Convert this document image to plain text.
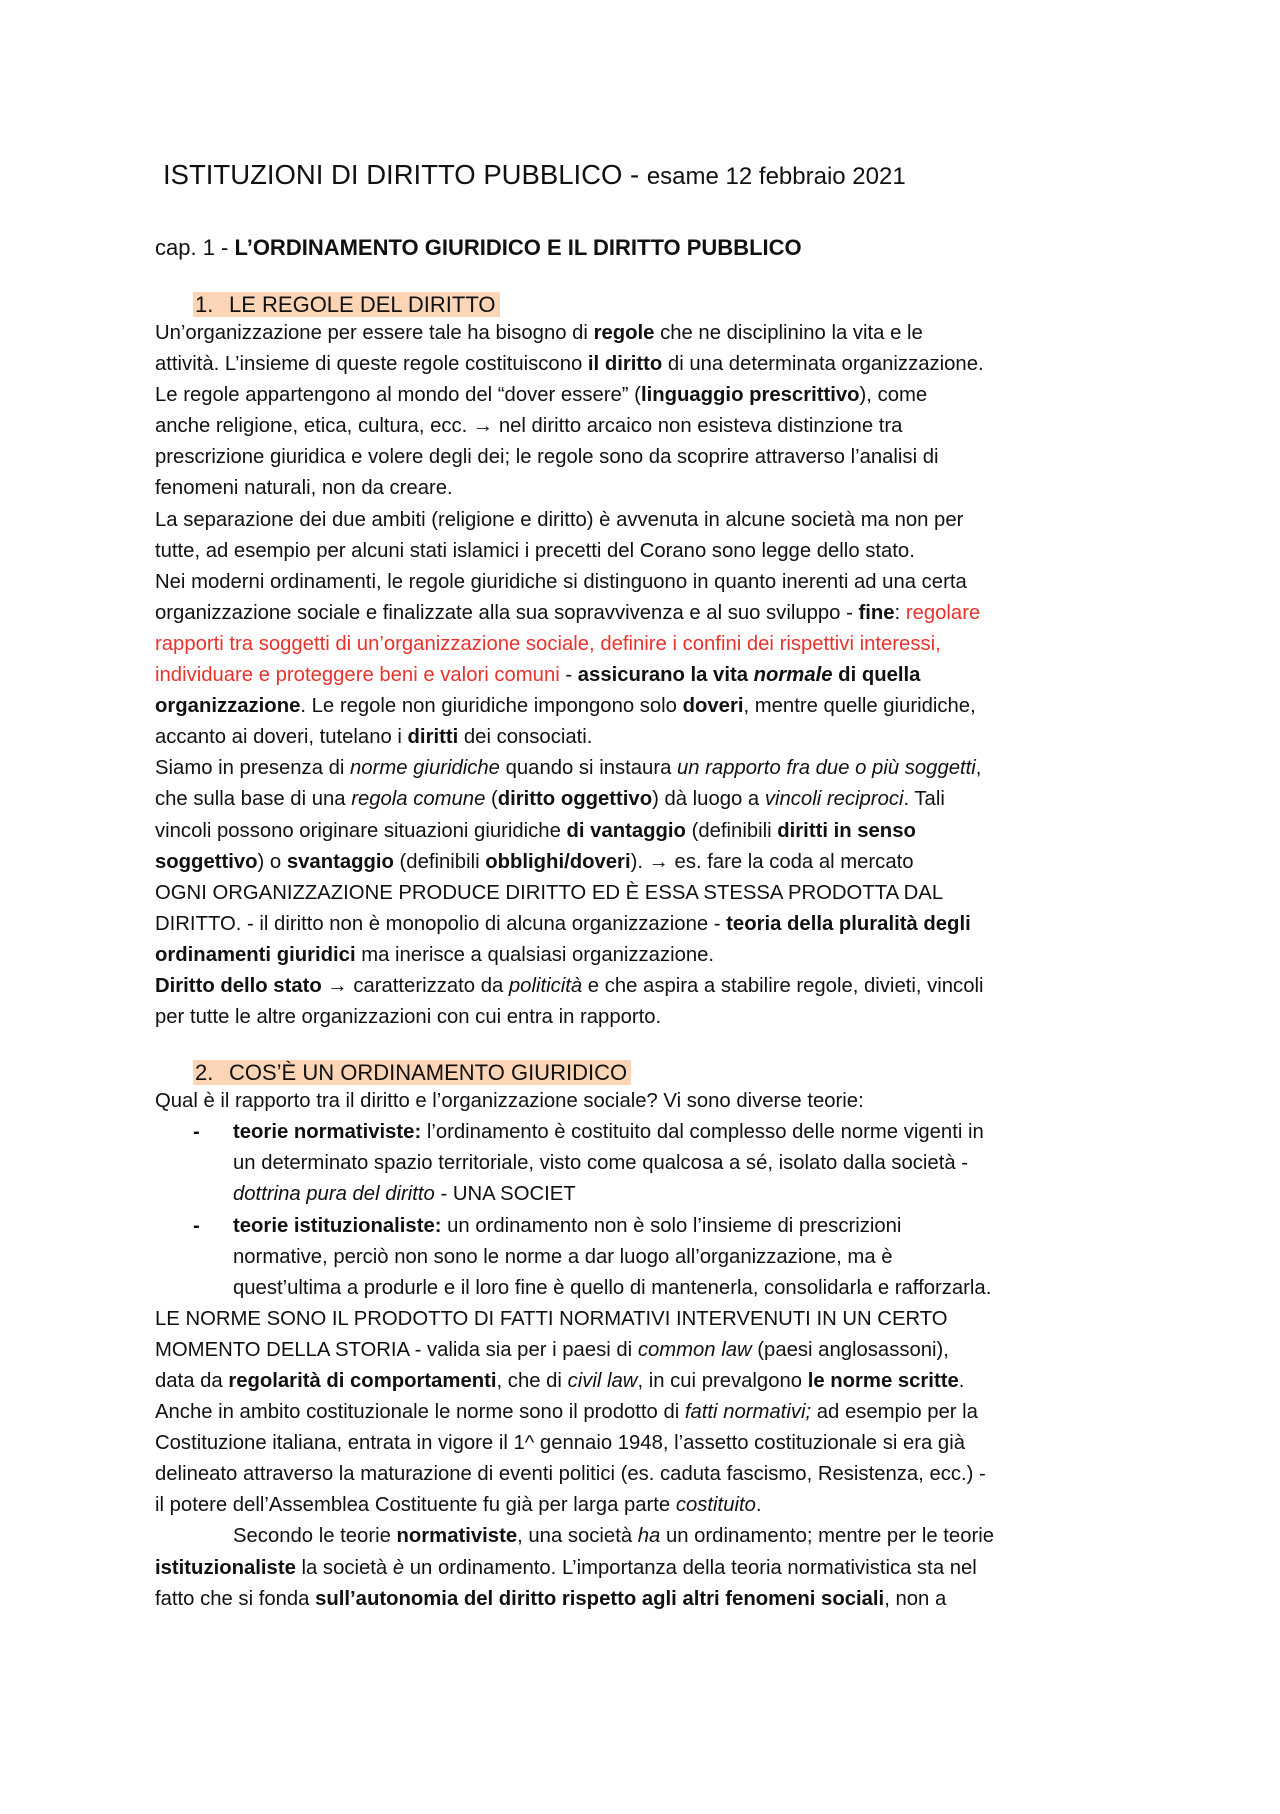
ISTITUZIONI DI DIRITTO PUBBLICO - esame 12 febbraio 2021
cap. 1 - L’ORDINAMENTO GIURIDICO E IL DIRITTO PUBBLICO
1. LE REGOLE DEL DIRITTO
Un’organizzazione per essere tale ha bisogno di regole che ne disciplinino la vita e le
attività. L’insieme di queste regole costituiscono il diritto di una determinata organizzazione.
Le regole appartengono al mondo del “dover essere” (linguaggio prescrittivo), come
anche religione, etica, cultura, ecc. → nel diritto arcaico non esisteva distinzione tra
prescrizione giuridica e volere degli dei; le regole sono da scoprire attraverso l’analisi di
fenomeni naturali, non da creare.
La separazione dei due ambiti (religione e diritto) è avvenuta in alcune società ma non per
tutte, ad esempio per alcuni stati islamici i precetti del Corano sono legge dello stato.
Nei moderni ordinamenti, le regole giuridiche si distinguono in quanto inerenti ad una certa
organizzazione sociale e finalizzate alla sua sopravvivenza e al suo sviluppo - fine: regolare
rapporti tra soggetti di un’organizzazione sociale, definire i confini dei rispettivi interessi,
individuare e proteggere beni e valori comuni - assicurano la vita normale di quella
organizzazione. Le regole non giuridiche impongono solo doveri, mentre quelle giuridiche,
accanto ai doveri, tutelano i diritti dei consociati.
Siamo in presenza di norme giuridiche quando si instaura un rapporto fra due o più soggetti,
che sulla base di una regola comune (diritto oggettivo) dà luogo a vincoli reciproci. Tali
vincoli possono originare situazioni giuridiche di vantaggio (definibili diritti in senso
soggettivo) o svantaggio (definibili obblighi/doveri). → es. fare la coda al mercato
OGNI ORGANIZZAZIONE PRODUCE DIRITTO ED È ESSA STESSA PRODOTTA DAL
DIRITTO. - il diritto non è monopolio di alcuna organizzazione - teoria della pluralità degli
ordinamenti giuridici ma inerisce a qualsiasi organizzazione.
Diritto dello stato → caratterizzato da politicità e che aspira a stabilire regole, divieti, vincoli
per tutte le altre organizzazioni con cui entra in rapporto.
2. COS’È UN ORDINAMENTO GIURIDICO
Qual è il rapporto tra il diritto e l’organizzazione sociale? Vi sono diverse teorie:
- teorie normativiste: l’ordinamento è costituito dal complesso delle norme vigenti in
un determinato spazio territoriale, visto come qualcosa a sé, isolato dalla società -
dottrina pura del diritto - UNA SOCIET
- teorie istituzionaliste: un ordinamento non è solo l’insieme di prescrizioni
normative, perciò non sono le norme a dar luogo all’organizzazione, ma è
quest’ultima a produrle e il loro fine è quello di mantenerla, consolidarla e rafforzarla.
LE NORME SONO IL PRODOTTO DI FATTI NORMATIVI INTERVENUTI IN UN CERTO
MOMENTO DELLA STORIA - valida sia per i paesi di common law (paesi anglosassoni),
data da regolarità di comportamenti, che di civil law, in cui prevalgono le norme scritte.
Anche in ambito costituzionale le norme sono il prodotto di fatti normativi; ad esempio per la
Costituzione italiana, entrata in vigore il 1^ gennaio 1948, l’assetto costituzionale si era già
delineato attraverso la maturazione di eventi politici (es. caduta fascismo, Resistenza, ecc.) -
il potere dell’Assemblea Costituente fu già per larga parte costituito.
Secondo le teorie normativiste, una società ha un ordinamento; mentre per le teorie
istituzionaliste la società è un ordinamento. L’importanza della teoria normativistica sta nel
fatto che si fonda sull’autonomia del diritto rispetto agli altri fenomeni sociali, non a
